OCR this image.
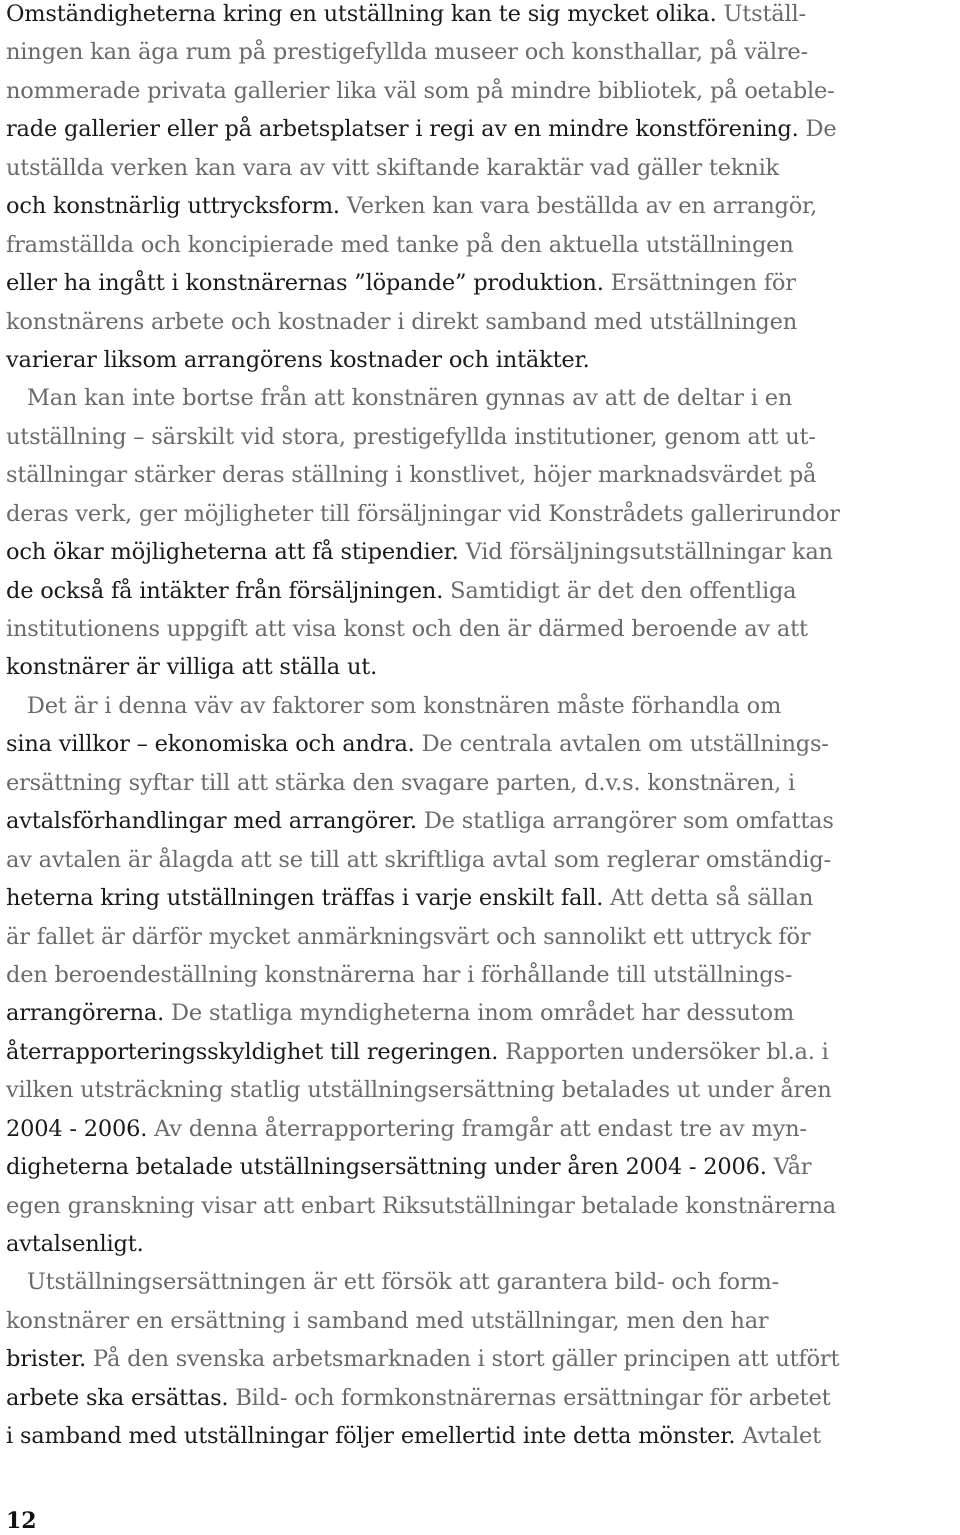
Omständigheterna kring en utställning kan te sig mycket olika. Utställ-
ningen kan äga rum på prestigefyllda museer och konsthallar, på välre-
nommerade privata gallerier lika väl som på mindre bibliotek, på oetable-
rade gallerier eller på arbetsplatser i regi av en mindre konstförening. De
utställda verken kan vara av vitt skiftande karaktär vad gäller teknik
och konstnärlig uttrycksform. Verken kan vara beställda av en arrangör,
framställda och koncipierade med tanke på den aktuella utställningen
eller ha ingått i konstnärernas ”löpande” produktion. Ersättningen för
konstnärens arbete och kostnader i direkt samband med utställningen
varierar liksom arrangörens kostnader och intäkter.
Man kan inte bortse från att konstnären gynnas av att de deltar i en
utställning – särskilt vid stora, prestigefyllda institutioner, genom att ut-
ställningar stärker deras ställning i konstlivet, höjer marknadsvärdet på
deras verk, ger möjligheter till försäljningar vid Konstrådets gallerirundor
och ökar möjligheterna att få stipendier. Vid försäljningsutställningar kan
de också få intäkter från försäljningen. Samtidigt är det den offentliga
institutionens uppgift att visa konst och den är därmed beroende av att
konstnärer är villiga att ställa ut.
Det är i denna väv av faktorer som konstnären måste förhandla om
sina villkor – ekonomiska och andra. De centrala avtalen om utställnings-
ersättning syftar till att stärka den svagare parten, d.v.s. konstnären, i
avtalsförhandlingar med arrangörer. De statliga arrangörer som omfattas
av avtalen är ålagda att se till att skriftliga avtal som reglerar omständig-
heterna kring utställningen träffas i varje enskilt fall. Att detta så sällan
är fallet är därför mycket anmärkningsvärt och sannolikt ett uttryck för
den beroendeställning konstnärerna har i förhållande till utställnings-
arrangörerna. De statliga myndigheterna inom området har dessutom
återrapporteringsskyldighet till regeringen. Rapporten undersöker bl.a. i
vilken utsträckning statlig utställningsersättning betalades ut under åren
2004 - 2006. Av denna återrapportering framgår att endast tre av myn-
digheterna betalade utställningsersättning under åren 2004 - 2006. Vår
egen granskning visar att enbart Riksutställningar betalade konstnärerna
avtalsenligt.
Utställningsersättningen är ett försök att garantera bild- och form-
konstnärer en ersättning i samband med utställningar, men den har
brister. På den svenska arbetsmarknaden i stort gäller principen att utfört
arbete ska ersättas. Bild- och formkonstnärernas ersättningar för arbetet
i samband med utställningar följer emellertid inte detta mönster. Avtalet
12
